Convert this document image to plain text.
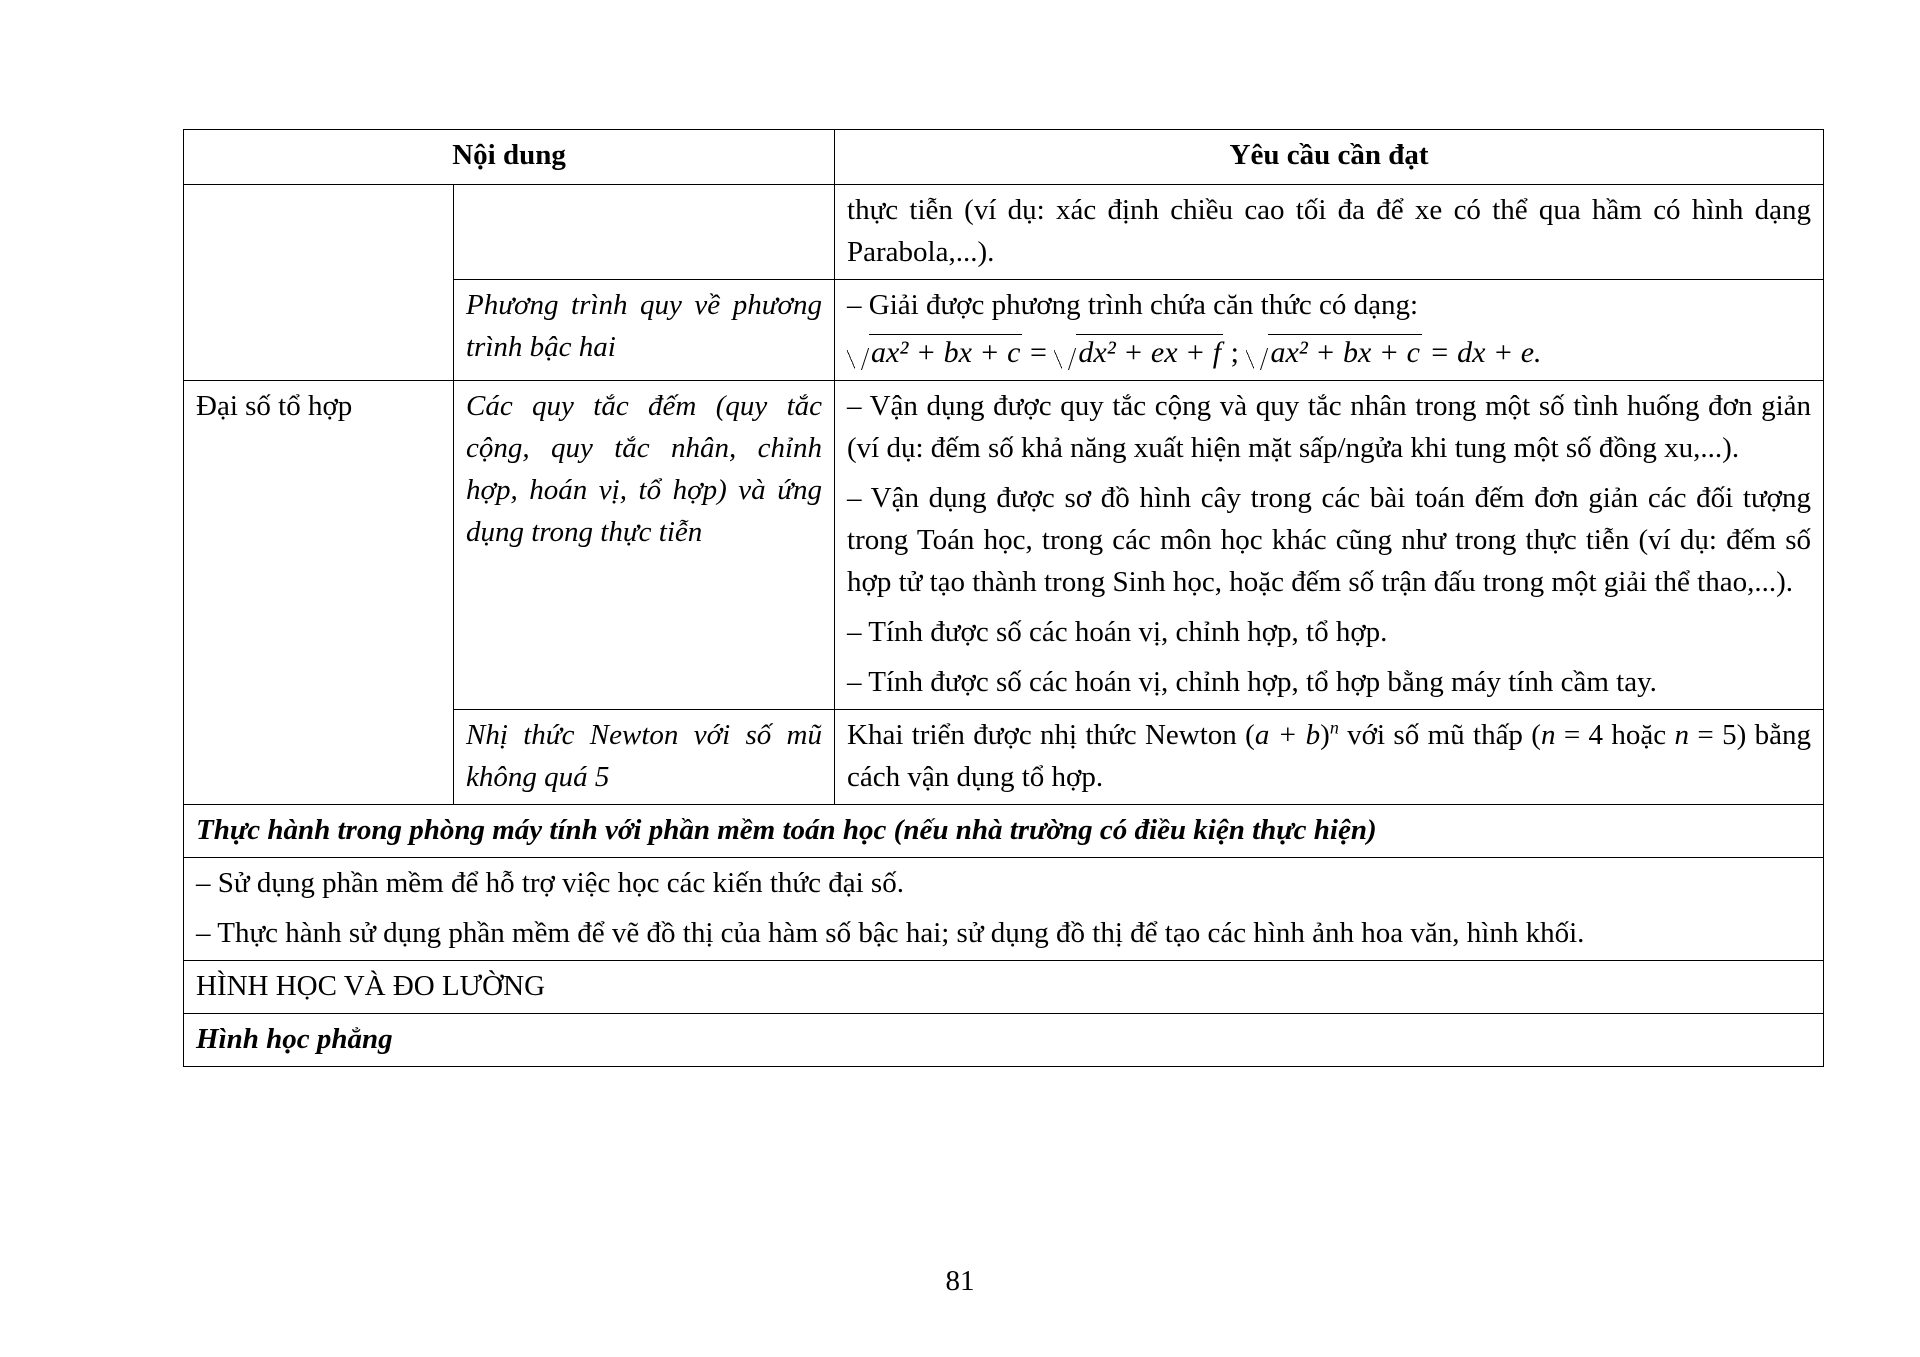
Nội dung		Yêu cầu cần đạt
		thực tiễn (ví dụ: xác định chiều cao tối đa để xe có thể qua hầm có hình dạng Parabola,...).
	Phương trình quy về phương trình bậc hai	– Giải được phương trình chứa căn thức có dạng:
ax² + bx + c = dx² + ex + f ; ax² + bx + c = dx + e.

Đại số tổ hợp	Các quy tắc đếm (quy tắc cộng, quy tắc nhân, chỉnh hợp, hoán vị, tổ hợp) và ứng dụng trong thực tiễn	– Vận dụng được quy tắc cộng và quy tắc nhân trong một số tình huống đơn giản (ví dụ: đếm số khả năng xuất hiện mặt sấp/ngửa khi tung một số đồng xu,...).

– Vận dụng được sơ đồ hình cây trong các bài toán đếm đơn giản các đối tượng trong Toán học, trong các môn học khác cũng như trong thực tiễn (ví dụ: đếm số hợp tử tạo thành trong Sinh học, hoặc đếm số trận đấu trong một giải thể thao,...).

– Tính được số các hoán vị, chỉnh hợp, tổ hợp.

– Tính được số các hoán vị, chỉnh hợp, tổ hợp bằng máy tính cầm tay.

	Nhị thức Newton với số mũ không quá 5	Khai triển được nhị thức Newton $(a + b)^n$ với số mũ thấp (n = 4 hoặc n = 5) bằng cách vận dụng tổ hợp.
Thực hành trong phòng máy tính với phần mềm toán học (nếu nhà trường có điều kiện thực hiện)		

– Sử dụng phần mềm để hỗ trợ việc học các kiến thức đại số.

– Thực hành sử dụng phần mềm để vẽ đồ thị của hàm số bậc hai; sử dụng đồ thị để tạo các hình ảnh hoa văn, hình khối.		

HÌNH HỌC VÀ ĐO LƯỜNG		
Hình học phẳng		
81
